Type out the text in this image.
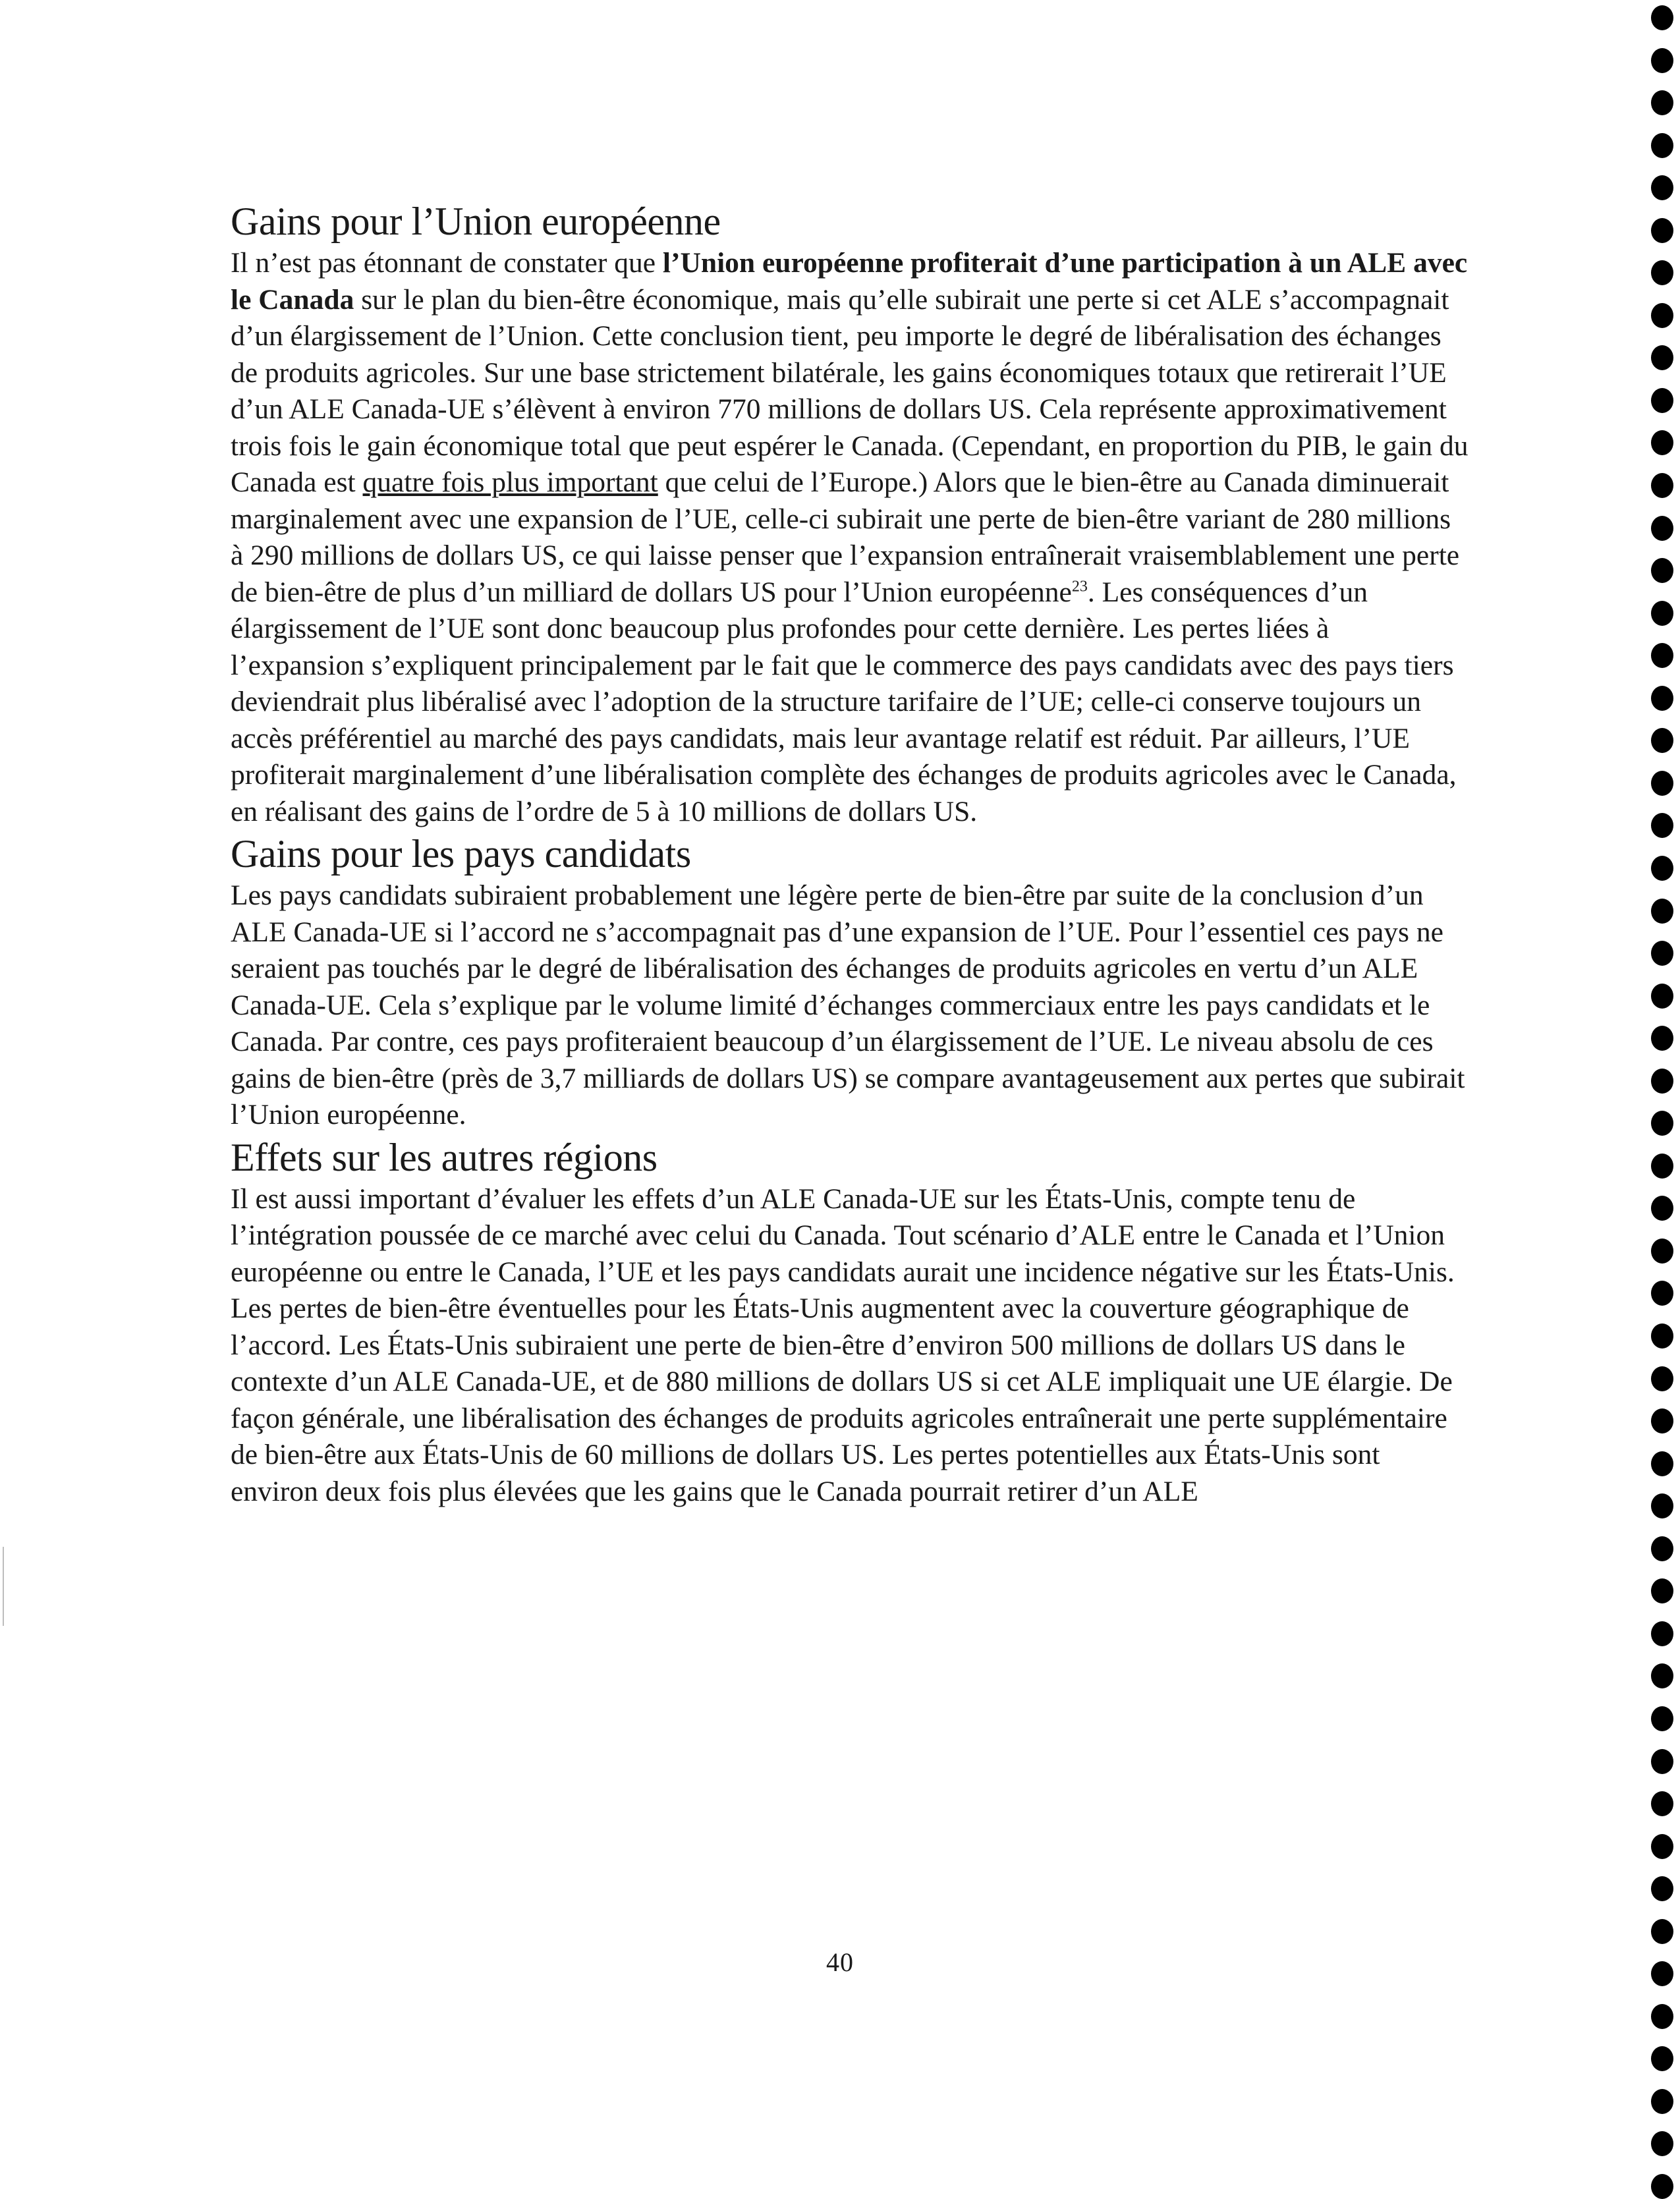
Gains pour l’Union européenne

Il n’est pas étonnant de constater que l’Union européenne profiterait d’une participation à un ALE avec le Canada sur le plan du bien-être économique, mais qu’elle subirait une perte si cet ALE s’accompagnait d’un élargissement de l’Union. Cette conclusion tient, peu importe le degré de libéralisation des échanges de produits agricoles. Sur une base strictement bilatérale, les gains économiques totaux que retirerait l’UE d’un ALE Canada-UE s’élèvent à environ 770 millions de dollars US. Cela représente approximativement trois fois le gain économique total que peut espérer le Canada. (Cependant, en proportion du PIB, le gain du Canada est quatre fois plus important que celui de l’Europe.) Alors que le bien-être au Canada diminuerait marginalement avec une expansion de l’UE, celle-ci subirait une perte de bien-être variant de 280 millions à 290 millions de dollars US, ce qui laisse penser que l’expansion entraînerait vraisemblablement une perte de bien-être de plus d’un milliard de dollars US pour l’Union européenne$^{23}$. Les conséquences d’un élargissement de l’UE sont donc beaucoup plus profondes pour cette dernière. Les pertes liées à l’expansion s’expliquent principalement par le fait que le commerce des pays candidats avec des pays tiers deviendrait plus libéralisé avec l’adoption de la structure tarifaire de l’UE; celle-ci conserve toujours un accès préférentiel au marché des pays candidats, mais leur avantage relatif est réduit. Par ailleurs, l’UE profiterait marginalement d’une libéralisation complète des échanges de produits agricoles avec le Canada, en réalisant des gains de l’ordre de 5 à 10 millions de dollars US.

Gains pour les pays candidats

Les pays candidats subiraient probablement une légère perte de bien-être par suite de la conclusion d’un ALE Canada-UE si l’accord ne s’accompagnait pas d’une expansion de l’UE. Pour l’essentiel ces pays ne seraient pas touchés par le degré de libéralisation des échanges de produits agricoles en vertu d’un ALE Canada-UE. Cela s’explique par le volume limité d’échanges commerciaux entre les pays candidats et le Canada. Par contre, ces pays profiteraient beaucoup d’un élargissement de l’UE. Le niveau absolu de ces gains de bien-être (près de 3,7 milliards de dollars US) se compare avantageusement aux pertes que subirait l’Union européenne.

Effets sur les autres régions

Il est aussi important d’évaluer les effets d’un ALE Canada-UE sur les États-Unis, compte tenu de l’intégration poussée de ce marché avec celui du Canada. Tout scénario d’ALE entre le Canada et l’Union européenne ou entre le Canada, l’UE et les pays candidats aurait une incidence négative sur les États-Unis. Les pertes de bien-être éventuelles pour les États-Unis augmentent avec la couverture géographique de l’accord. Les États-Unis subiraient une perte de bien-être d’environ 500 millions de dollars US dans le contexte d’un ALE Canada-UE, et de 880 millions de dollars US si cet ALE impliquait une UE élargie. De façon générale, une libéralisation des échanges de produits agricoles entraînerait une perte supplémentaire de bien-être aux États-Unis de 60 millions de dollars US. Les pertes potentielles aux États-Unis sont environ deux fois plus élevées que les gains que le Canada pourrait retirer d’un ALE

40
